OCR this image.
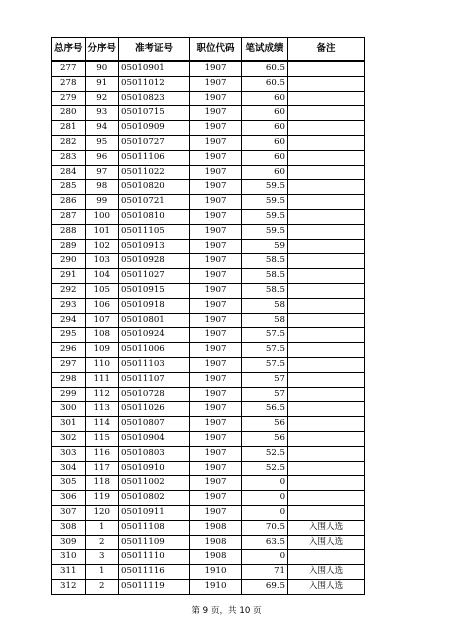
总序号	分序号	准考证号	职位代码	笔试成绩	备注
277	90	05010901	1907	60.5	
278	91	05011012	1907	60.5	
279	92	05010823	1907	60	
280	93	05010715	1907	60	
281	94	05010909	1907	60	
282	95	05010727	1907	60	
283	96	05011106	1907	60	
284	97	05011022	1907	60	
285	98	05010820	1907	59.5	
286	99	05010721	1907	59.5	
287	100	05010810	1907	59.5	
288	101	05011105	1907	59.5	
289	102	05010913	1907	59	
290	103	05010928	1907	58.5	
291	104	05011027	1907	58.5	
292	105	05010915	1907	58.5	
293	106	05010918	1907	58	
294	107	05010801	1907	58	
295	108	05010924	1907	57.5	
296	109	05011006	1907	57.5	
297	110	05011103	1907	57.5	
298	111	05011107	1907	57	
299	112	05010728	1907	57	
300	113	05011026	1907	56.5	
301	114	05010807	1907	56	
302	115	05010904	1907	56	
303	116	05010803	1907	52.5	
304	117	05010910	1907	52.5	
305	118	05011002	1907	0	
306	119	05010802	1907	0	
307	120	05010911	1907	0	
308	1	05011108	1908	70.5	入围人选
309	2	05011109	1908	63.5	入围人选
310	3	05011110	1908	0	
311	1	05011116	1910	71	入围人选
312	2	05011119	1910	69.5	入围人选
第 9 页，共 10 页
